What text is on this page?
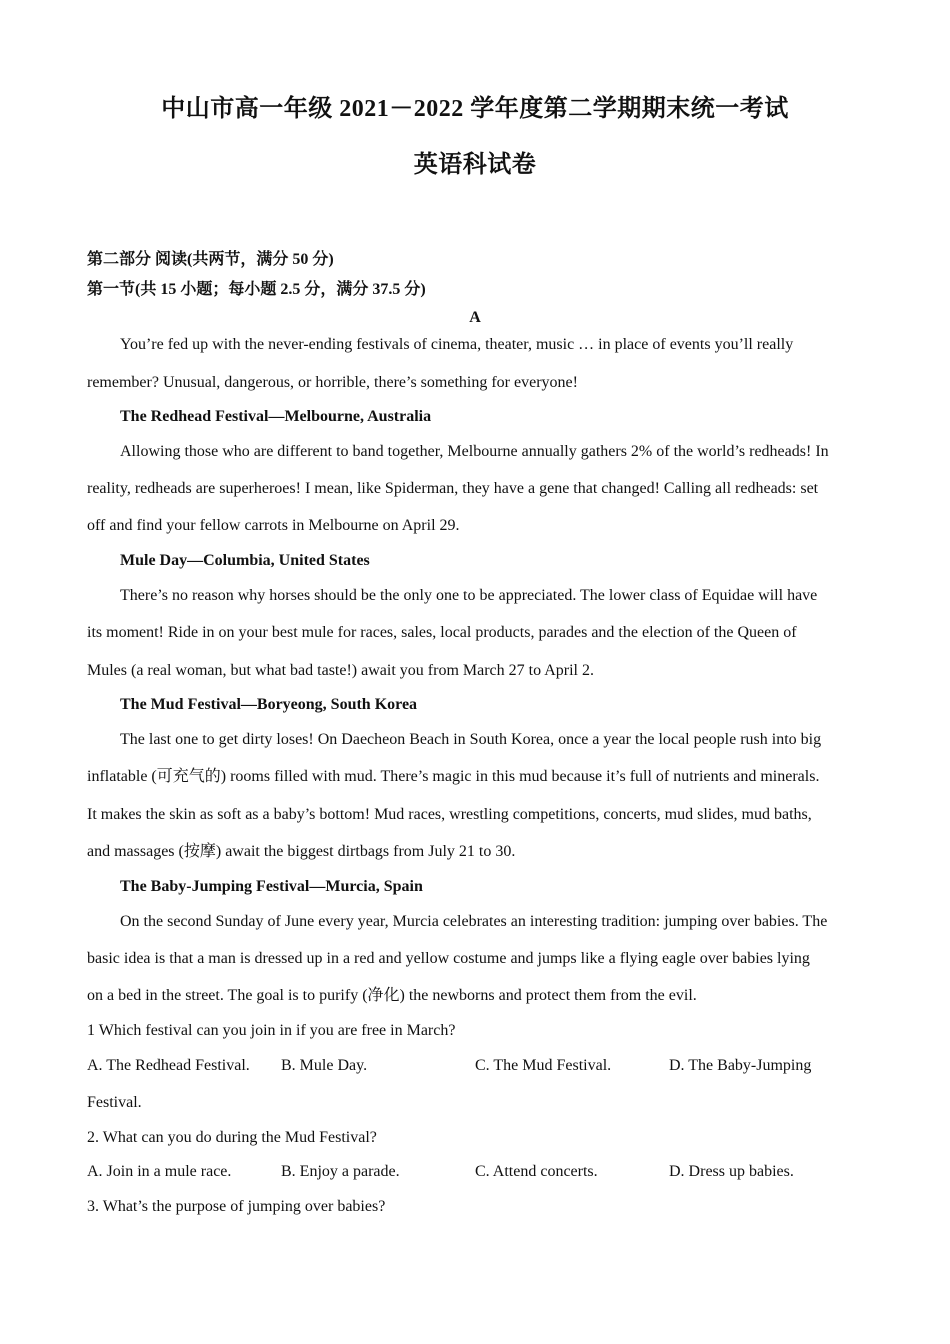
中山市高一年级 2021－2022 学年度第二学期期末统一考试
英语科试卷
第二部分 阅读(共两节，满分 50 分)
第一节(共 15 小题；每小题 2.5 分，满分 37.5 分)
A
You’re fed up with the never-ending festivals of cinema, theater, music … in place of events you’ll really
remember? Unusual, dangerous, or horrible, there’s something for everyone!
The Redhead Festival—Melbourne, Australia
Allowing those who are different to band together, Melbourne annually gathers 2% of the world’s redheads! In
reality, redheads are superheroes! I mean, like Spiderman, they have a gene that changed! Calling all redheads: set
off and find your fellow carrots in Melbourne on April 29.
Mule Day—Columbia, United States
There’s no reason why horses should be the only one to be appreciated. The lower class of Equidae will have
its moment! Ride in on your best mule for races, sales, local products, parades and the election of the Queen of
Mules (a real woman, but what bad taste!) await you from March 27 to April 2.
The Mud Festival—Boryeong, South Korea
The last one to get dirty loses! On Daecheon Beach in South Korea, once a year the local people rush into big
inflatable (可充气的) rooms filled with mud. There’s magic in this mud because it’s full of nutrients and minerals.
It makes the skin as soft as a baby’s bottom! Mud races, wrestling competitions, concerts, mud slides, mud baths,
and massages (按摩) await the biggest dirtbags from July 21 to 30.
The Baby-Jumping Festival—Murcia, Spain
On the second Sunday of June every year, Murcia celebrates an interesting tradition: jumping over babies. The
basic idea is that a man is dressed up in a red and yellow costume and jumps like a flying eagle over babies lying
on a bed in the street. The goal is to purify (净化) the newborns and protect them from the evil.
1 Which festival can you join in if you are free in March?
A. The Redhead Festival. B. Mule Day.	C. The Mud Festival.	D. The Baby-Jumping
Festival.
2. What can you do during the Mud Festival?
A. Join in a mule race.	B. Enjoy a parade.	C. Attend concerts.	D. Dress up babies.
3. What’s the purpose of jumping over babies?
